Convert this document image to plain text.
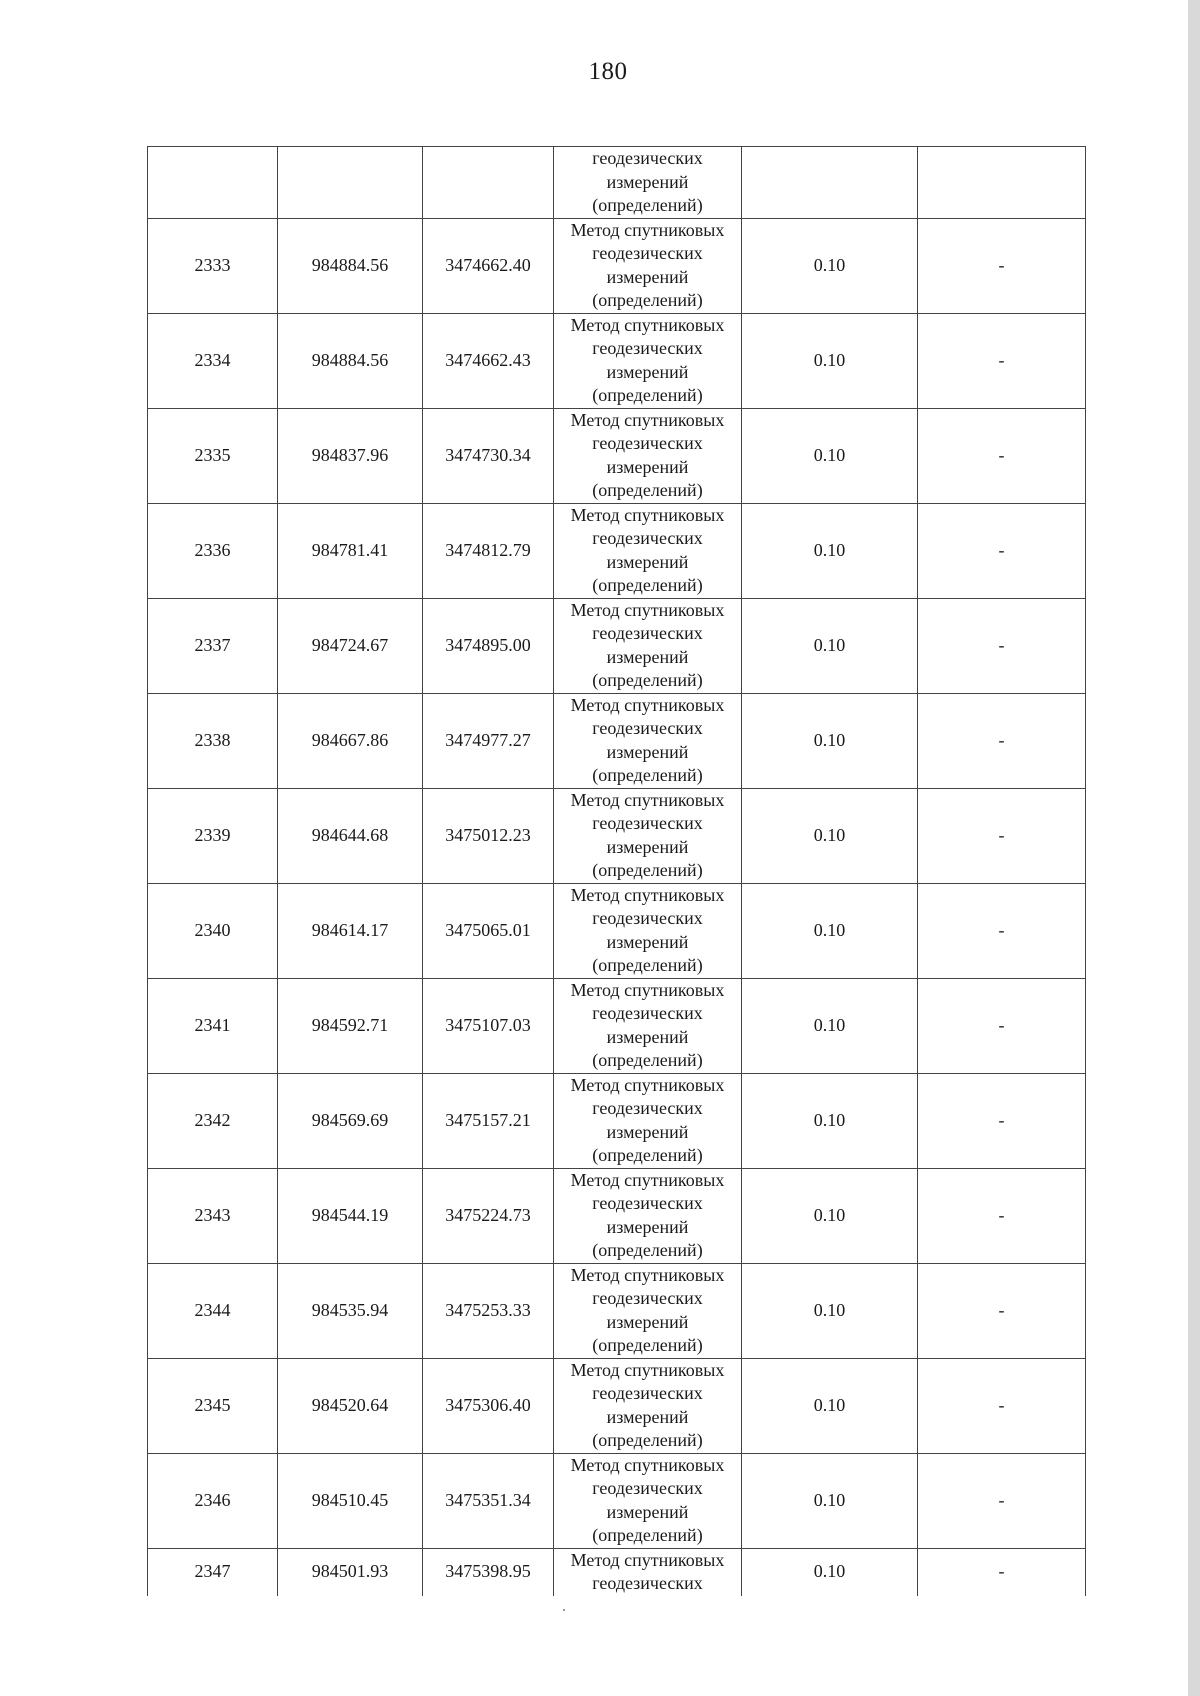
180

			геодезических
измерений
(определений)		

2333	984884.56	3474662.40	Метод спутниковых
геодезических
измерений
(определений)	0.10	-
2334	984884.56	3474662.43	Метод спутниковых
геодезических
измерений
(определений)	0.10	-
2335	984837.96	3474730.34	Метод спутниковых
геодезических
измерений
(определений)	0.10	-
2336	984781.41	3474812.79	Метод спутниковых
геодезических
измерений
(определений)	0.10	-
2337	984724.67	3474895.00	Метод спутниковых
геодезических
измерений
(определений)	0.10	-
2338	984667.86	3474977.27	Метод спутниковых
геодезических
измерений
(определений)	0.10	-
2339	984644.68	3475012.23	Метод спутниковых
геодезических
измерений
(определений)	0.10	-
2340	984614.17	3475065.01	Метод спутниковых
геодезических
измерений
(определений)	0.10	-
2341	984592.71	3475107.03	Метод спутниковых
геодезических
измерений
(определений)	0.10	-
2342	984569.69	3475157.21	Метод спутниковых
геодезических
измерений
(определений)	0.10	-
2343	984544.19	3475224.73	Метод спутниковых
геодезических
измерений
(определений)	0.10	-
2344	984535.94	3475253.33	Метод спутниковых
геодезических
измерений
(определений)	0.10	-
2345	984520.64	3475306.40	Метод спутниковых
геодезических
измерений
(определений)	0.10	-
2346	984510.45	3475351.34	Метод спутниковых
геодезических
измерений
(определений)	0.10	-
2347	984501.93	3475398.95	Метод спутниковых
геодезических	0.10	-
